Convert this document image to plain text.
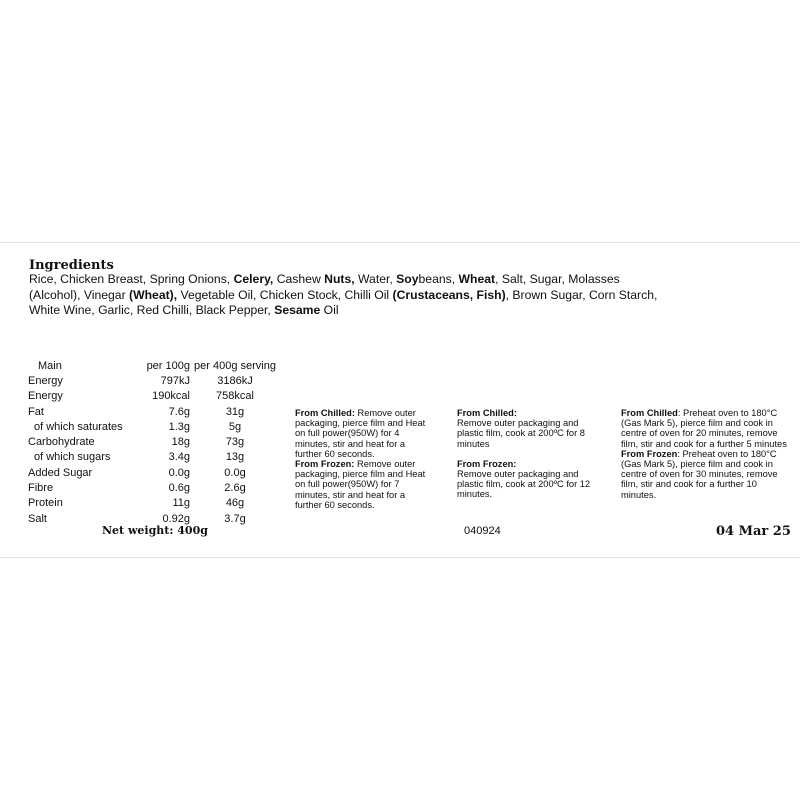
Ingredients
Rice, Chicken Breast, Spring Onions, Celery, Cashew Nuts, Water, Soybeans, Wheat, Salt, Sugar, Molasses (Alcohol), Vinegar (Wheat), Vegetable Oil, Chicken Stock, Chilli Oil (Crustaceans, Fish), Brown Sugar, Corn Starch, White Wine, Garlic, Red Chilli, Black Pepper, Sesame Oil
Main	per 100g	per 400g serving
Energy	797kJ	3186kJ
Energy	190kcal	758kcal
Fat	7.6g	31g
of which saturates	1.3g	5g
Carbohydrate	18g	73g
of which sugars	3.4g	13g
Added Sugar	0.0g	0.0g
Fibre	0.6g	2.6g
Protein	11g	46g
Salt	0.92g	3.7g
Net weight: 400g

From Chilled: Remove outer packaging, pierce film and Heat on full power(950W) for 4 minutes, stir and heat for a further 60 seconds.

From Frozen: Remove outer packaging, pierce film and Heat on full power(950W) for 7 minutes, stir and heat for a further 60 seconds.

From Chilled:

Remove outer packaging and plastic film, cook at 200ºC for 8 minutes

From Frozen:

Remove outer packaging and plastic film, cook at 200ºC for 12 minutes.

From Chilled: Preheat oven to 180°C (Gas Mark 5), pierce film and cook in centre of oven for 20 minutes, remove film, stir and cook for a further 5 minutes

From Frozen: Preheat oven to 180°C (Gas Mark 5), pierce film and cook in centre of oven for 30 minutes, remove film, stir and cook for a further 10 minutes.

040924	04 Mar 25
